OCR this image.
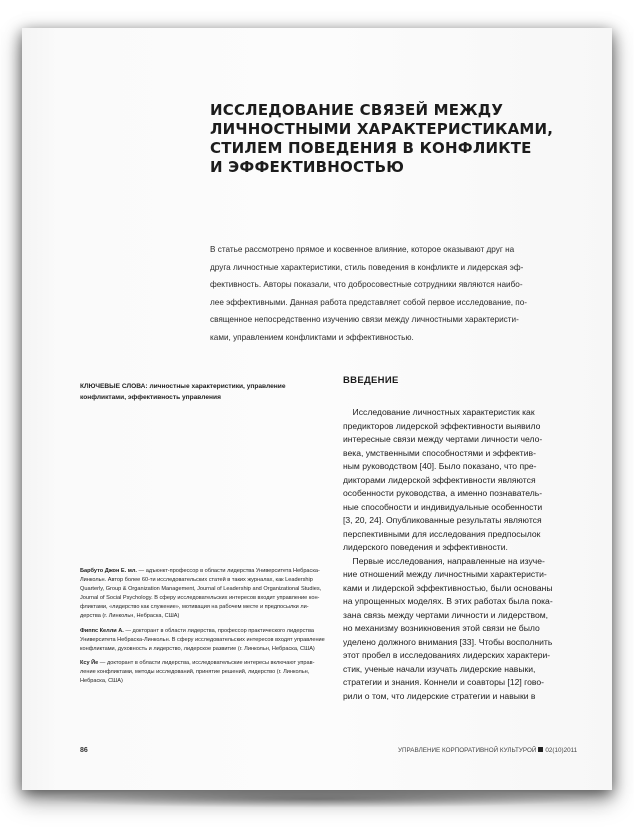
ИССЛЕДОВАНИЕ СВЯЗЕЙ МЕЖДУ
ЛИЧНОСТНЫМИ ХАРАКТЕРИСТИКАМИ,
СТИЛЕМ ПОВЕДЕНИЯ В КОНФЛИКТЕ
И ЭФФЕКТИВНОСТЬЮ
В статье рассмотрено прямое и косвенное влияние, которое оказывают друг на
друга личностные характеристики, стиль поведения в конфликте и лидерская эф-
фективность. Авторы показали, что добросовестные сотрудники являются наибо-
лее эффективными. Данная работа представляет собой первое исследование, по-
священное непосредственно изучению связи между личностными характеристи-
ками, управлением конфликтами и эффективностью.
КЛЮЧЕВЫЕ СЛОВА: личностные характеристики, управление
конфликтами, эффективность управления
ВВЕДЕНИЕ
Исследование личностных характеристик как
предикторов лидерской эффективности выявило
интересные связи между чертами личности чело-
века, умственными способностями и эффектив-
ным руководством [40]. Было показано, что пре-
дикторами лидерской эффективности являются
особенности руководства, а именно познаватель-
ные способности и индивидуальные особенности
[3, 20, 24]. Опубликованные результаты являются
перспективными для исследования предпосылок
лидерского поведения и эффективности.
Первые исследования, направленные на изуче-
ние отношений между личностными характеристи-
ками и лидерской эффективностью, были основаны
на упрощенных моделях. В этих работах была пока-
зана связь между чертами личности и лидерством,
но механизму возникновения этой связи не было
уделено должного внимания [33]. Чтобы восполнить
этот пробел в исследованиях лидерских характери-
стик, ученые начали изучать лидерские навыки,
стратегии и знания. Коннели и соавторы [12] гово-
рили о том, что лидерские стратегии и навыки в
Барбуто Джон Е. мл. — адъюнкт-профессор в области лидерства Университета Небраска-
Линкольн. Автор более 60-ти исследовательских статей в таких журналах, как Leadership
Quarterly, Group & Organization Management, Journal of Leadership and Organizational Studies,
Journal of Social Psychology. В сферу исследовательских интересов входит управление кон-
фликтами, «лидерство как служение», мотивация на рабочем месте и предпосылки ли-
дерства (г. Линкольн, Небраска, США)
Фиппс Келли А. — докторант в области лидерства, профессор практического лидерства
Университета Небраска-Линкольн. В сферу исследовательских интересов входят управление
конфликтами, духовность и лидерство, лидерское развитие (г. Линкольн, Небраска, США)
Ксу Йе — докторант в области лидерства, исследовательские интересы включают управ-
ление конфликтами, методы исследований, принятие решений, лидерство (г. Линкольн,
Небраска, США)
86	УПРАВЛЕНИЕ КОРПОРАТИВНОЙ КУЛЬТУРОЙ 02(10)2011
